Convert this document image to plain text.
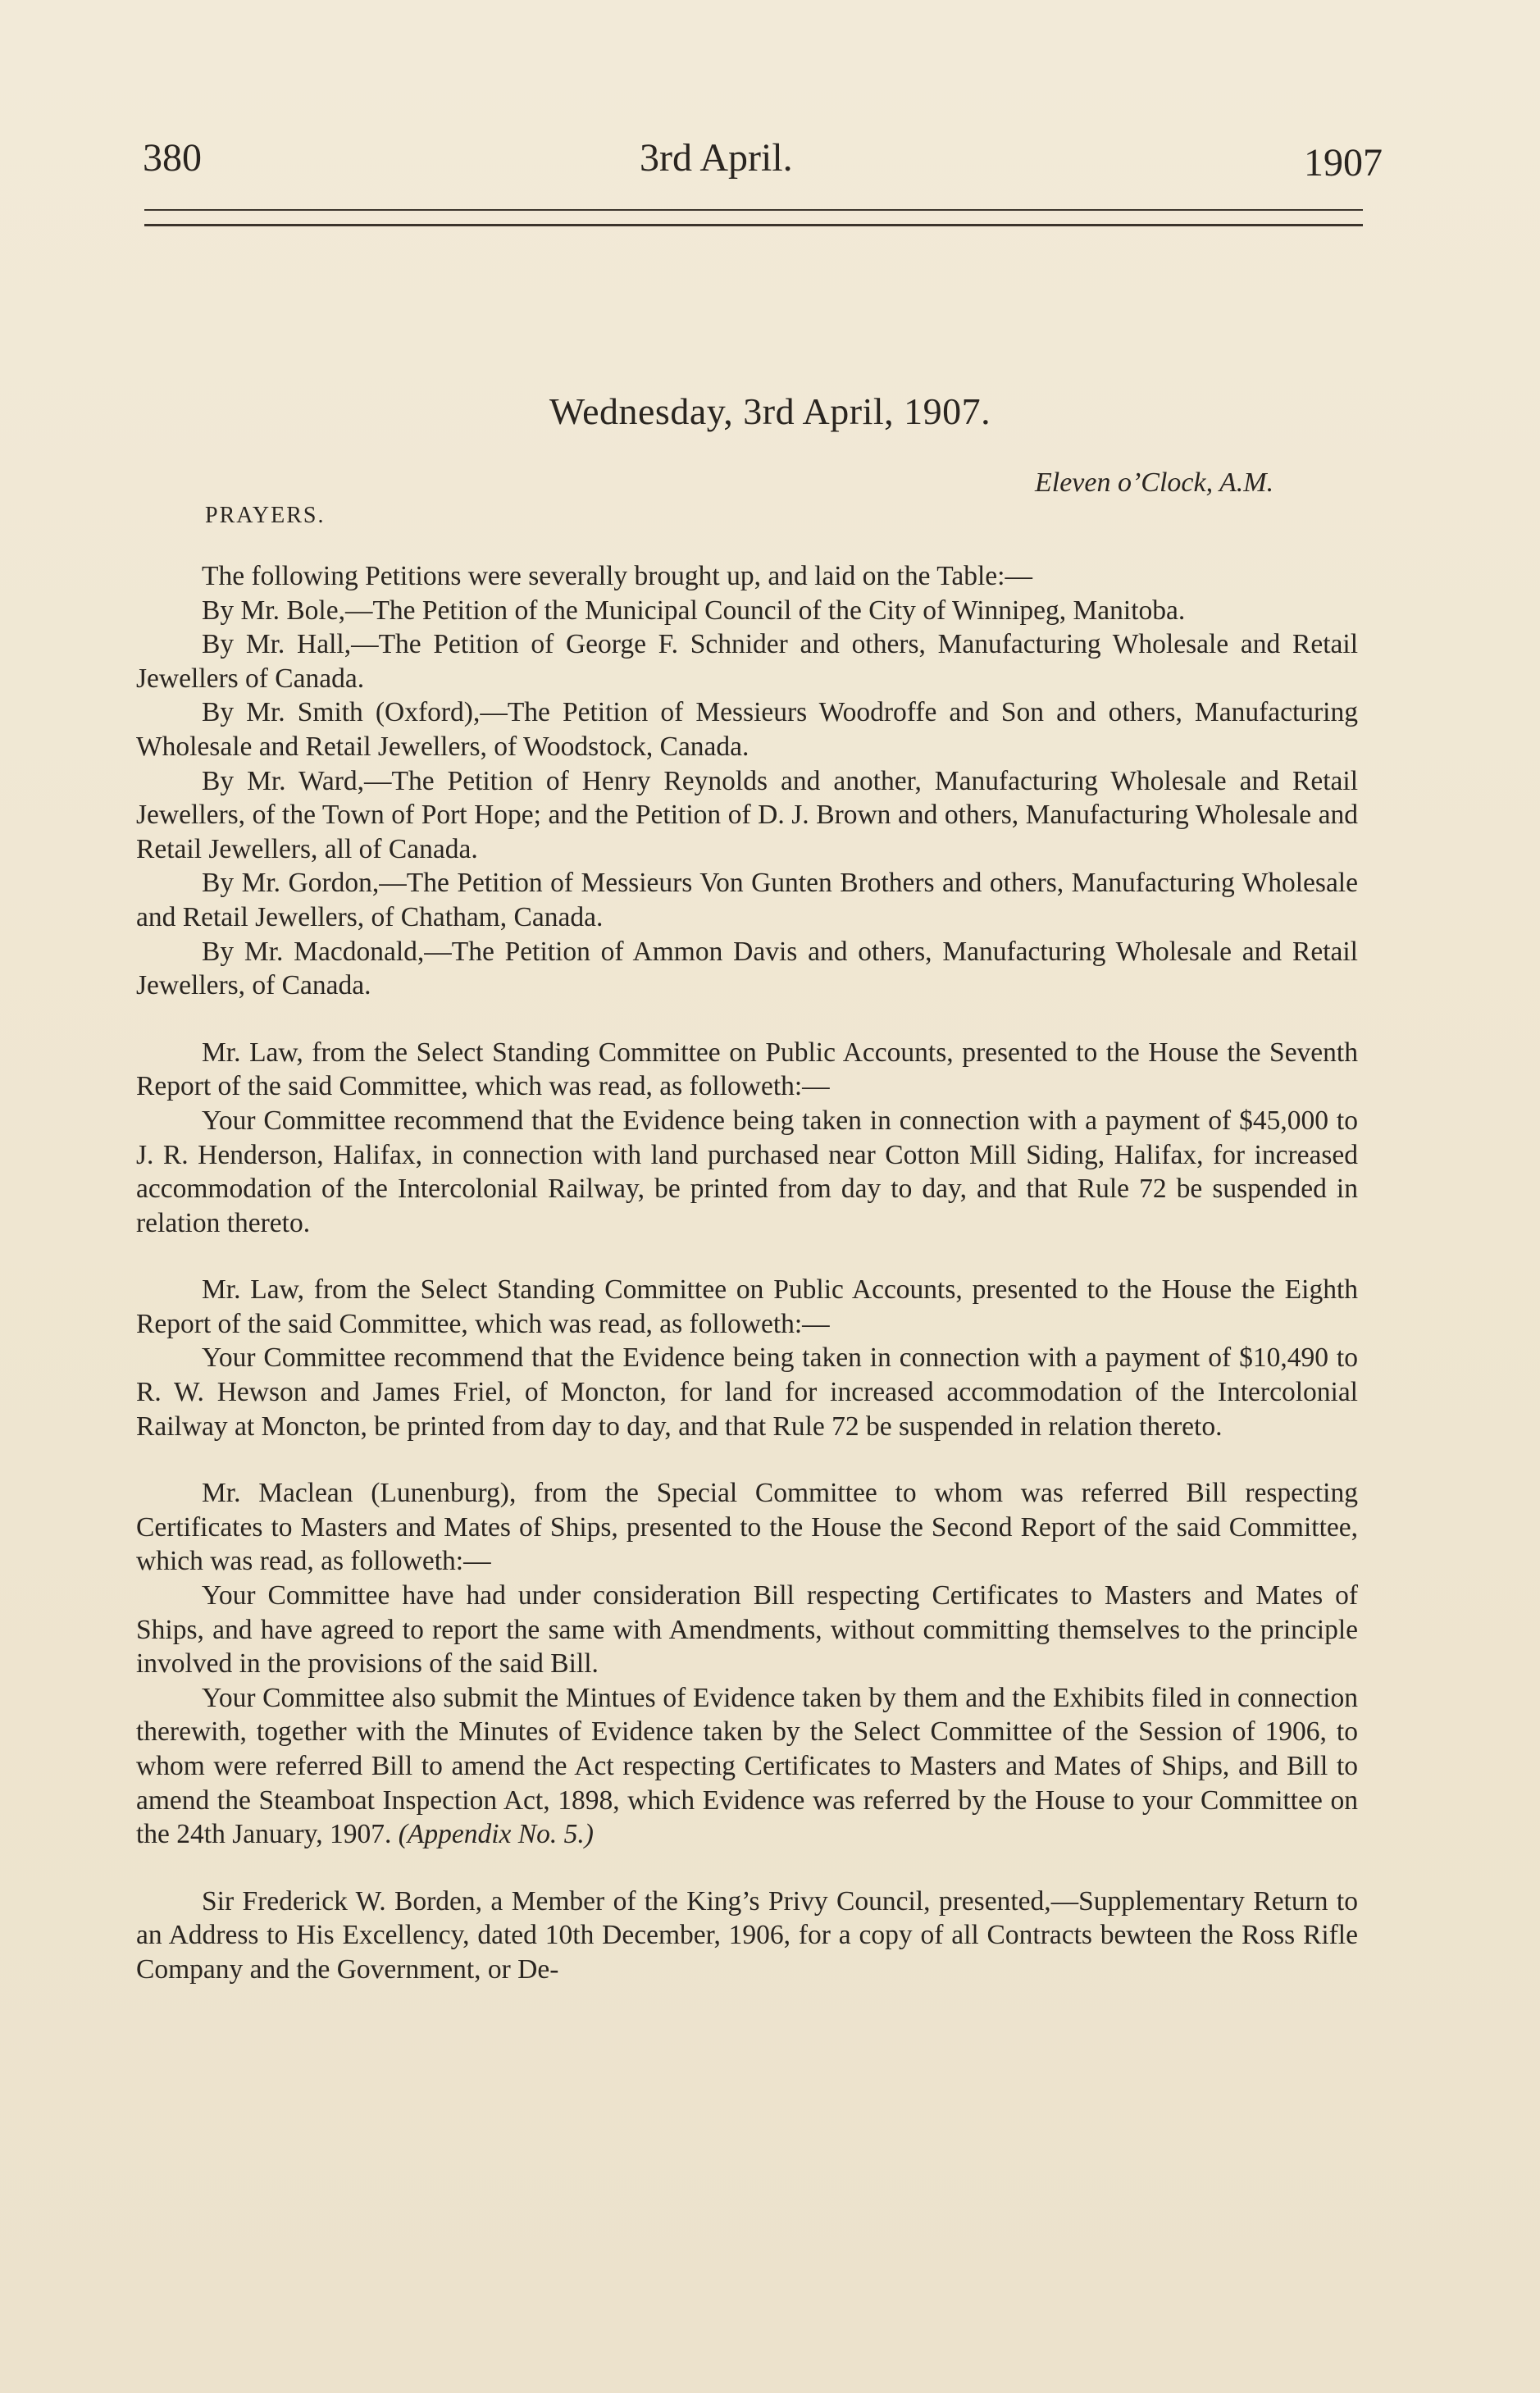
380	3rd April.	1907
Wednesday, 3rd April, 1907.
Eleven o’Clock, A.M.
PRAYERS.

The following Petitions were severally brought up, and laid on the Table:—

By Mr. Bole,—The Petition of the Municipal Council of the City of Winnipeg, Manitoba.

By Mr. Hall,—The Petition of George F. Schnider and others, Manufacturing Wholesale and Retail Jewellers of Canada.

By Mr. Smith (Oxford),—The Petition of Messieurs Woodroffe and Son and others, Manufacturing Wholesale and Retail Jewellers, of Woodstock, Canada.

By Mr. Ward,—The Petition of Henry Reynolds and another, Manufacturing Wholesale and Retail Jewellers, of the Town of Port Hope; and the Petition of D. J. Brown and others, Manufacturing Wholesale and Retail Jewellers, all of Canada.

By Mr. Gordon,—The Petition of Messieurs Von Gunten Brothers and others, Manufacturing Wholesale and Retail Jewellers, of Chatham, Canada.

By Mr. Macdonald,—The Petition of Ammon Davis and others, Manufacturing Wholesale and Retail Jewellers, of Canada.

Mr. Law, from the Select Standing Committee on Public Accounts, presented to the House the Seventh Report of the said Committee, which was read, as followeth:—

Your Committee recommend that the Evidence being taken in connection with a payment of $45,000 to J. R. Henderson, Halifax, in connection with land purchased near Cotton Mill Siding, Halifax, for increased accommodation of the Intercolonial Railway, be printed from day to day, and that Rule 72 be suspended in relation thereto.

Mr. Law, from the Select Standing Committee on Public Accounts, presented to the House the Eighth Report of the said Committee, which was read, as followeth:—

Your Committee recommend that the Evidence being taken in connection with a payment of $10,490 to R. W. Hewson and James Friel, of Moncton, for land for increased accommodation of the Intercolonial Railway at Moncton, be printed from day to day, and that Rule 72 be suspended in relation thereto.

Mr. Maclean (Lunenburg), from the Special Committee to whom was referred Bill respecting Certificates to Masters and Mates of Ships, presented to the House the Second Report of the said Committee, which was read, as followeth:—

Your Committee have had under consideration Bill respecting Certificates to Masters and Mates of Ships, and have agreed to report the same with Amendments, without committing themselves to the principle involved in the provisions of the said Bill.

Your Committee also submit the Mintues of Evidence taken by them and the Exhibits filed in connection therewith, together with the Minutes of Evidence taken by the Select Committee of the Session of 1906, to whom were referred Bill to amend the Act respecting Certificates to Masters and Mates of Ships, and Bill to amend the Steamboat Inspection Act, 1898, which Evidence was referred by the House to your Committee on the 24th January, 1907. (Appendix No. 5.)

Sir Frederick W. Borden, a Member of the King’s Privy Council, presented,—Supplementary Return to an Address to His Excellency, dated 10th December, 1906, for a copy of all Contracts bewteen the Ross Rifle Company and the Government, or De-
